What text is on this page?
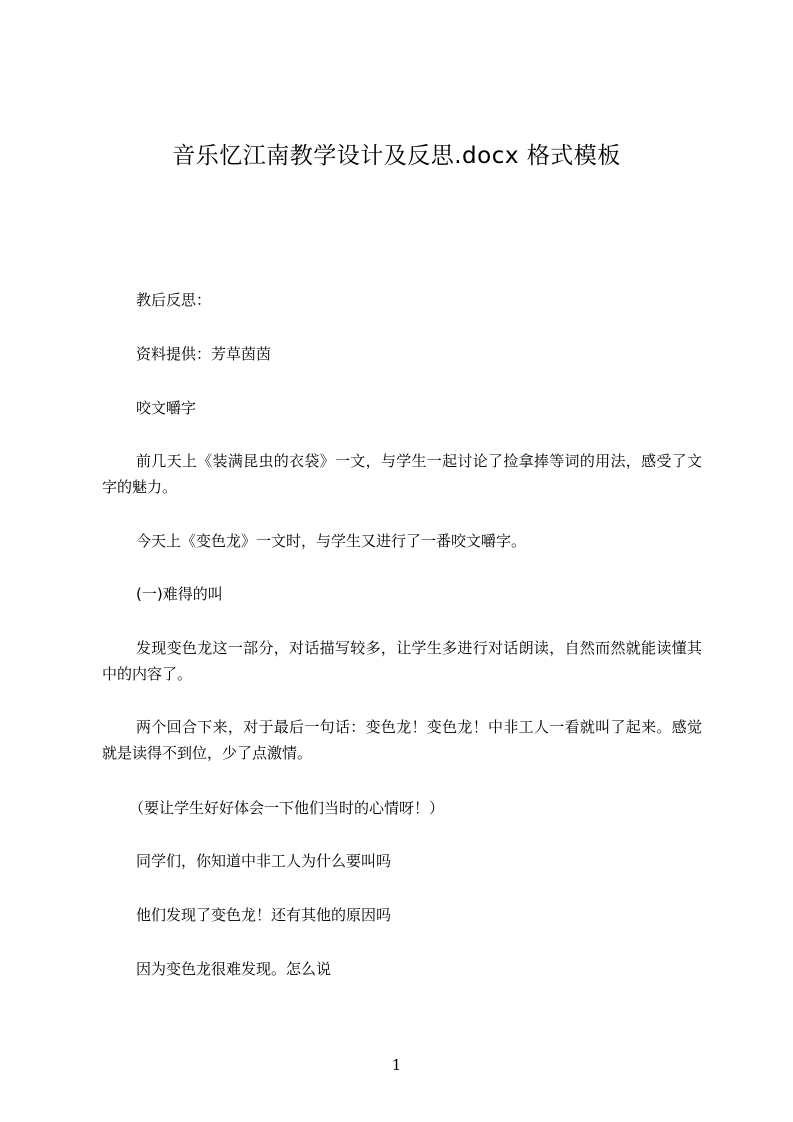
音乐忆江南教学设计及反思.docx 格式模板

教后反思：

资料提供：芳草茵茵

咬文嚼字

前几天上《装满昆虫的衣袋》一文，与学生一起讨论了捡拿捧等词的用法，感受了文字的魅力。

今天上《变色龙》一文时，与学生又进行了一番咬文嚼字。

(一)难得的叫

发现变色龙这一部分，对话描写较多，让学生多进行对话朗读，自然而然就能读懂其中的内容了。

两个回合下来，对于最后一句话：变色龙！变色龙！中非工人一看就叫了起来。感觉就是读得不到位，少了点激情。

（要让学生好好体会一下他们当时的心情呀！）

同学们，你知道中非工人为什么要叫吗

他们发现了变色龙！还有其他的原因吗

因为变色龙很难发现。怎么说

1
